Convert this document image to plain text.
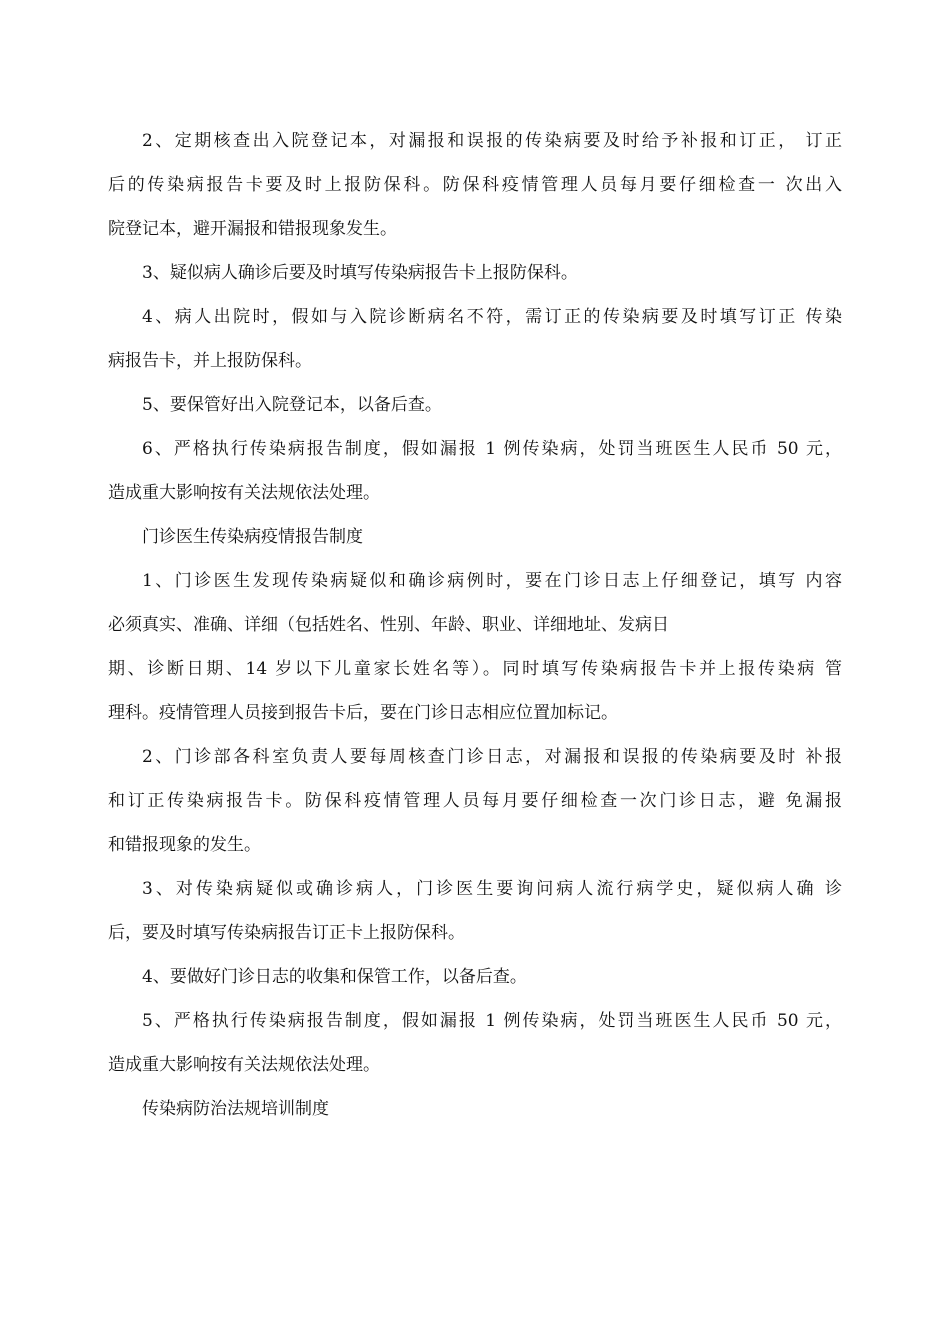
2、定期核查出入院登记本，对漏报和误报的传染病要及时给予补报和订正， 订正
后的传染病报告卡要及时上报防保科。防保科疫情管理人员每月要仔细检查一 次出入
院登记本，避开漏报和错报现象发生。
3、疑似病人确诊后要及时填写传染病报告卡上报防保科。
4、病人出院时，假如与入院诊断病名不符，需订正的传染病要及时填写订正 传染
病报告卡，并上报防保科。
5、要保管好出入院登记本，以备后查。
6、严格执行传染病报告制度，假如漏报 1 例传染病，处罚当班医生人民币 50 元，
造成重大影响按有关法规依法处理。
门诊医生传染病疫情报告制度
1、门诊医生发现传染病疑似和确诊病例时，要在门诊日志上仔细登记，填写 内容
必须真实、准确、详细（包括姓名、性别、年龄、职业、详细地址、发病日
期、诊断日期、14 岁以下儿童家长姓名等）。同时填写传染病报告卡并上报传染病 管
理科。疫情管理人员接到报告卡后，要在门诊日志相应位置加标记。
2、门诊部各科室负责人要每周核查门诊日志，对漏报和误报的传染病要及时 补报
和订正传染病报告卡。防保科疫情管理人员每月要仔细检查一次门诊日志，避 免漏报
和错报现象的发生。
3、对传染病疑似或确诊病人，门诊医生要询问病人流行病学史，疑似病人确 诊
后，要及时填写传染病报告订正卡上报防保科。
4、要做好门诊日志的收集和保管工作，以备后查。
5、严格执行传染病报告制度，假如漏报 1 例传染病，处罚当班医生人民币 50 元，
造成重大影响按有关法规依法处理。
传染病防治法规培训制度
